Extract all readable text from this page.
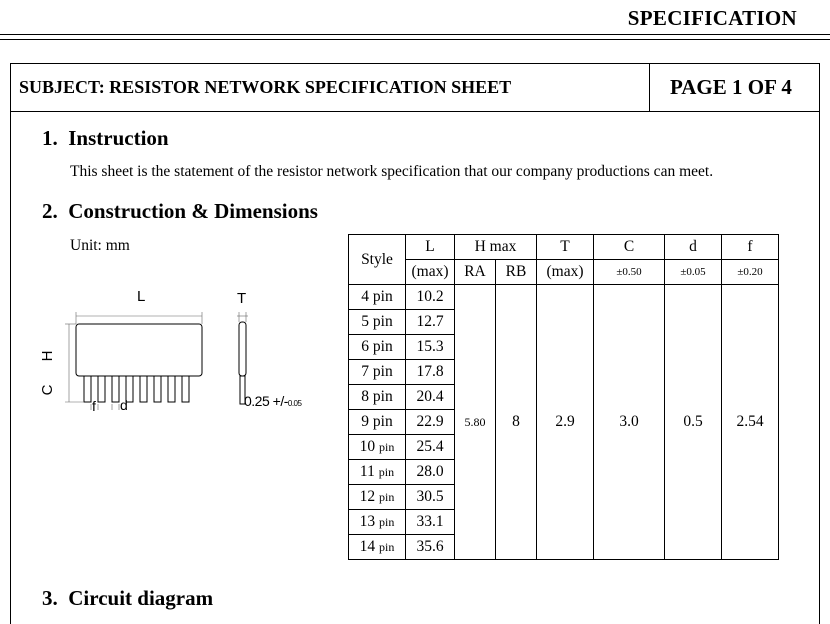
SPECIFICATION
SUBJECT: RESISTOR NETWORK SPECIFICATION SHEET	PAGE 1 OF 4
1. Instruction
This sheet is the statement of the resistor network specification that our company productions can meet.
2. Construction & Dimensions
Unit: mm
L	T
H
C
f d	0.25 +/-0.05
Style	L	H max		T	C	d	f
	(max)	RA	RB	(max)	±0.50	±0.05	±0.20
4 pin	10.2	5.80	8	2.9	3.0	0.5	2.54
5 pin	12.7						
6 pin	15.3						
7 pin	17.8						
8 pin	20.4						
9 pin	22.9						
10 pin	25.4						
11 pin	28.0						
12 pin	30.5						
13 pin	33.1						
14 pin	35.6						
3. Circuit diagram
